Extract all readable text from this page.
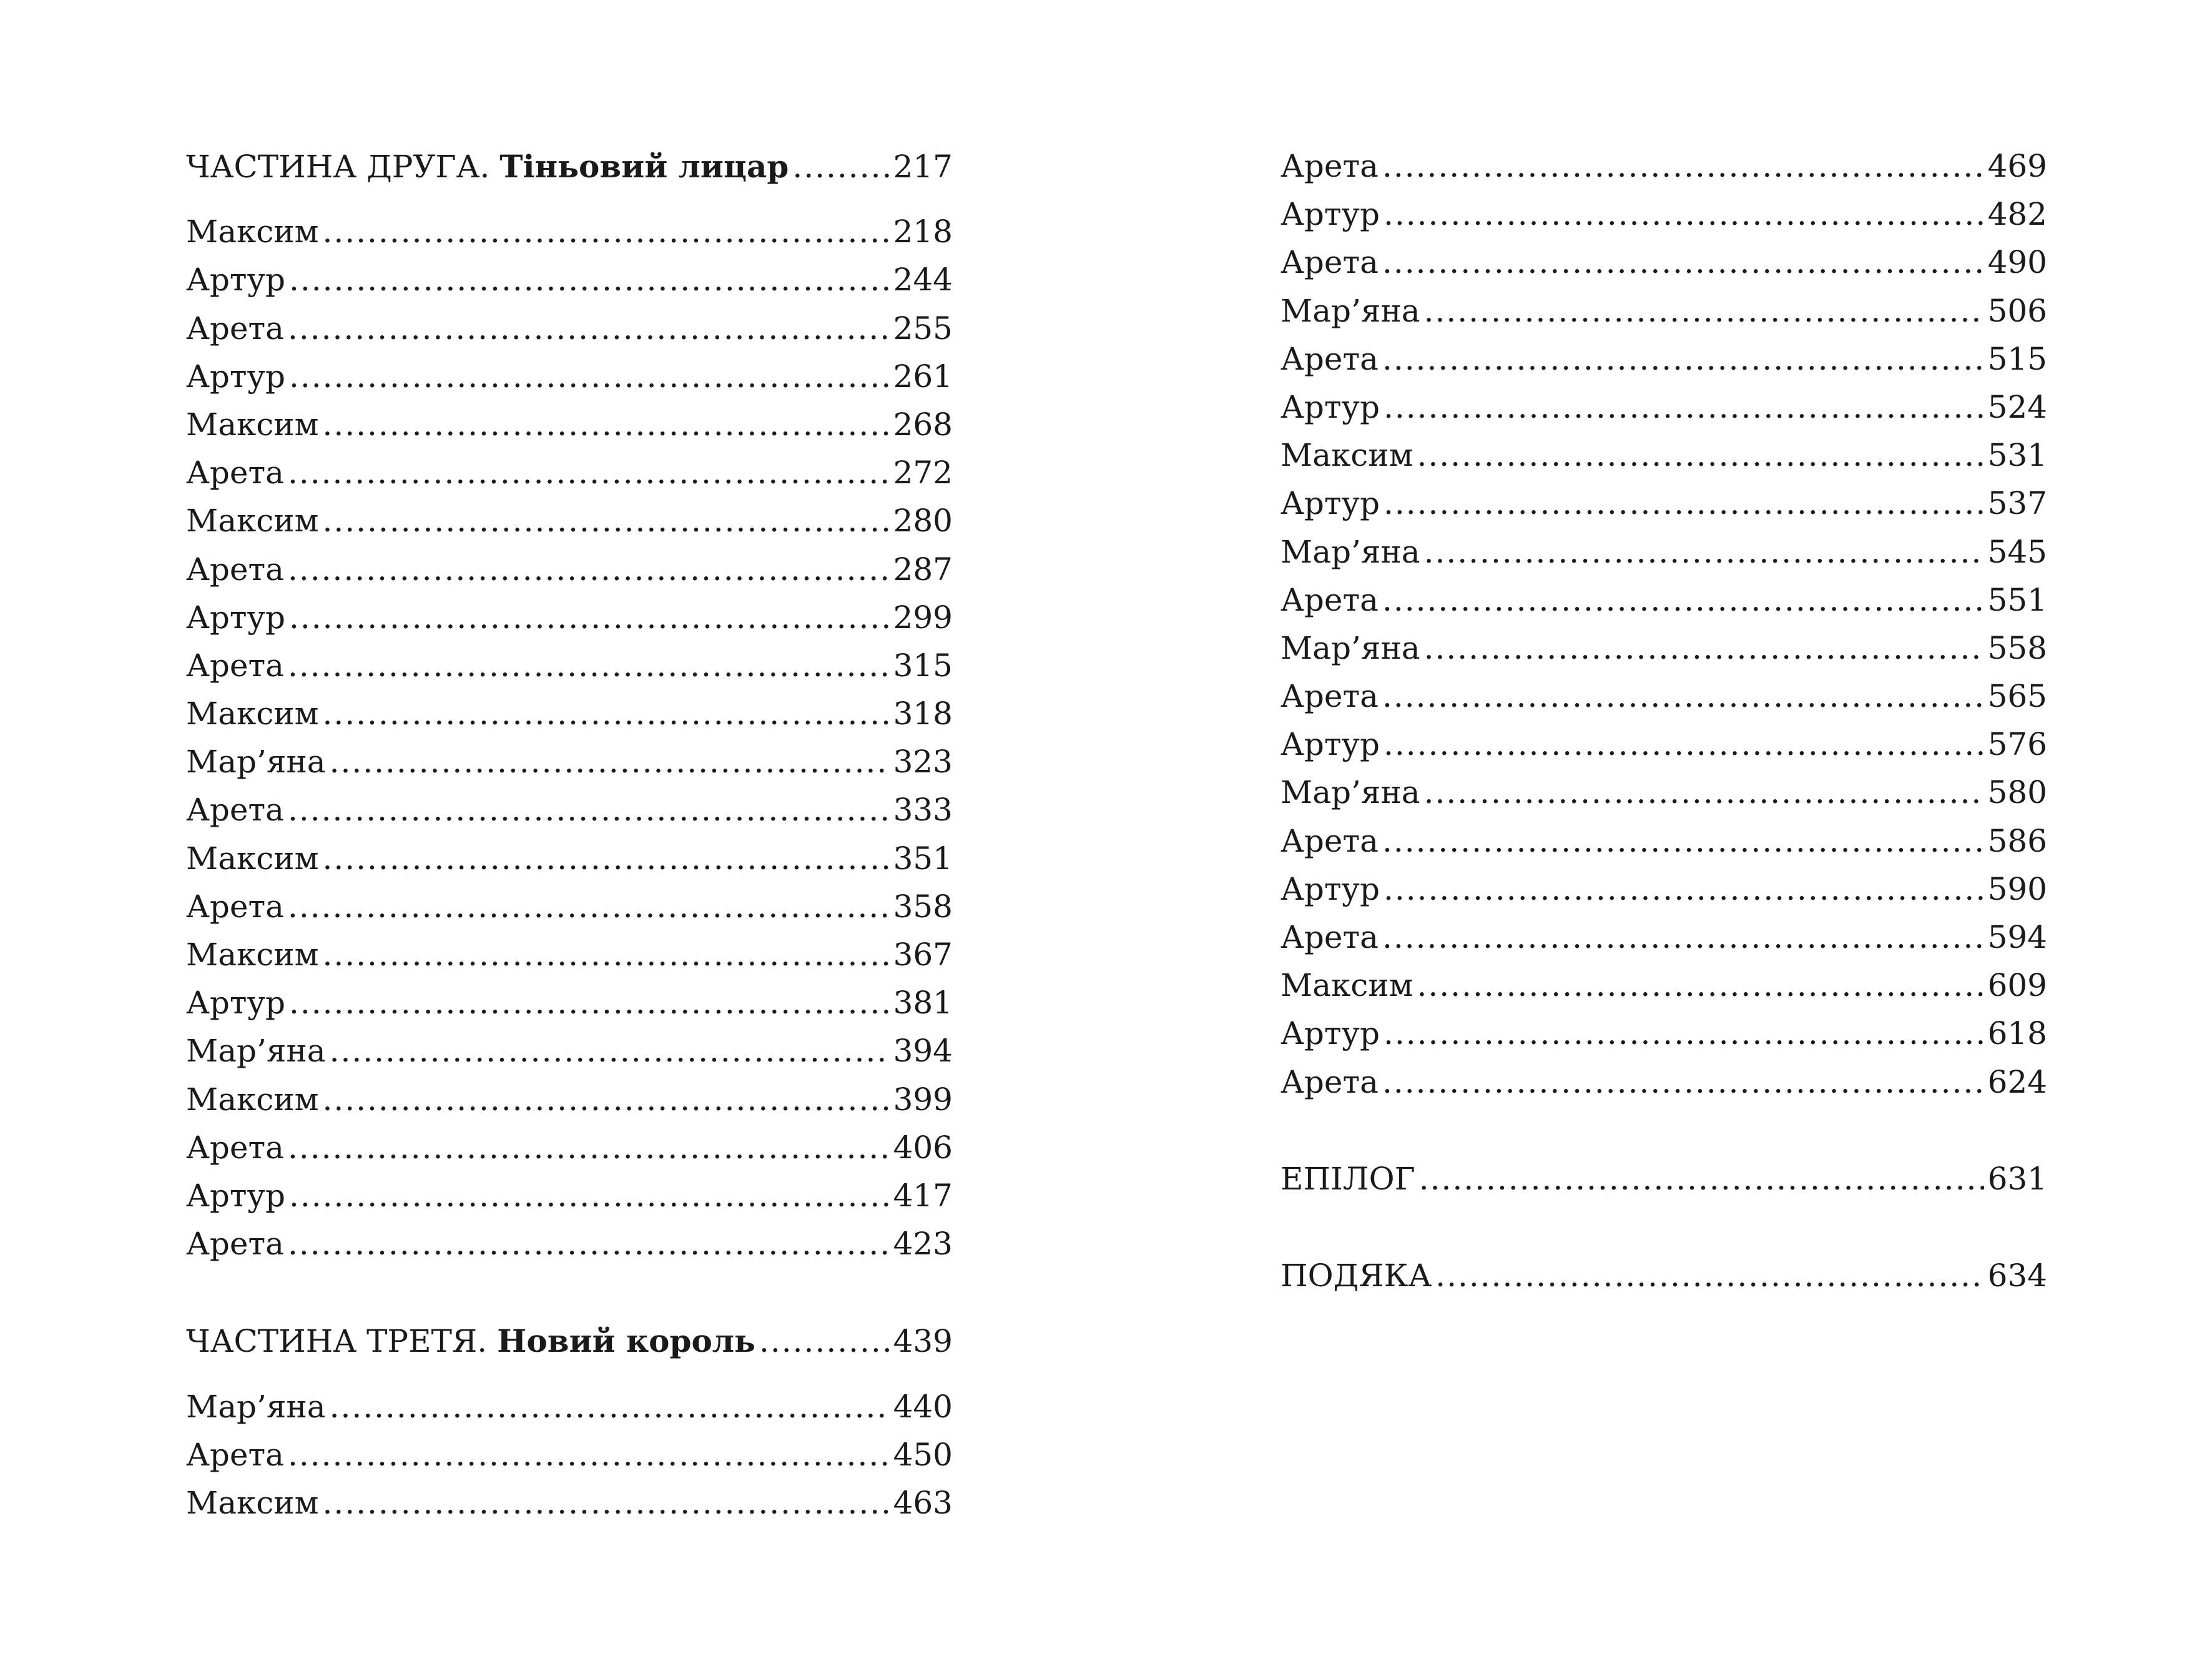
ЧАСТИНА ДРУГА. Тіньовий лицар .....	217
Максим .....	218
Артур .....	244
Арета .....	255
Артур .....	261
Максим .....	268
Арета .....	272
Максим .....	280
Арета .....	287
Артур .....	299
Арета .....	315
Максим .....	318
Мар’яна .....	323
Арета .....	333
Максим .....	351
Арета .....	358
Максим .....	367
Артур .....	381
Мар’яна .....	394
Максим .....	399
Арета .....	406
Артур .....	417
Арета .....	423
ЧАСТИНА ТРЕТЯ. Новий король .....	439
Мар’яна .....	440
Арета .....	450
Максим .....	463
Арета .....	469
Артур .....	482
Арета .....	490
Мар’яна .....	506
Арета .....	515
Артур .....	524
Максим .....	531
Артур .....	537
Мар’яна .....	545
Арета .....	551
Мар’яна .....	558
Арета .....	565
Артур .....	576
Мар’яна .....	580
Арета .....	586
Артур .....	590
Арета .....	594
Максим .....	609
Артур .....	618
Арета .....	624
ЕПІЛОГ .....	631
ПОДЯКА .....	634
